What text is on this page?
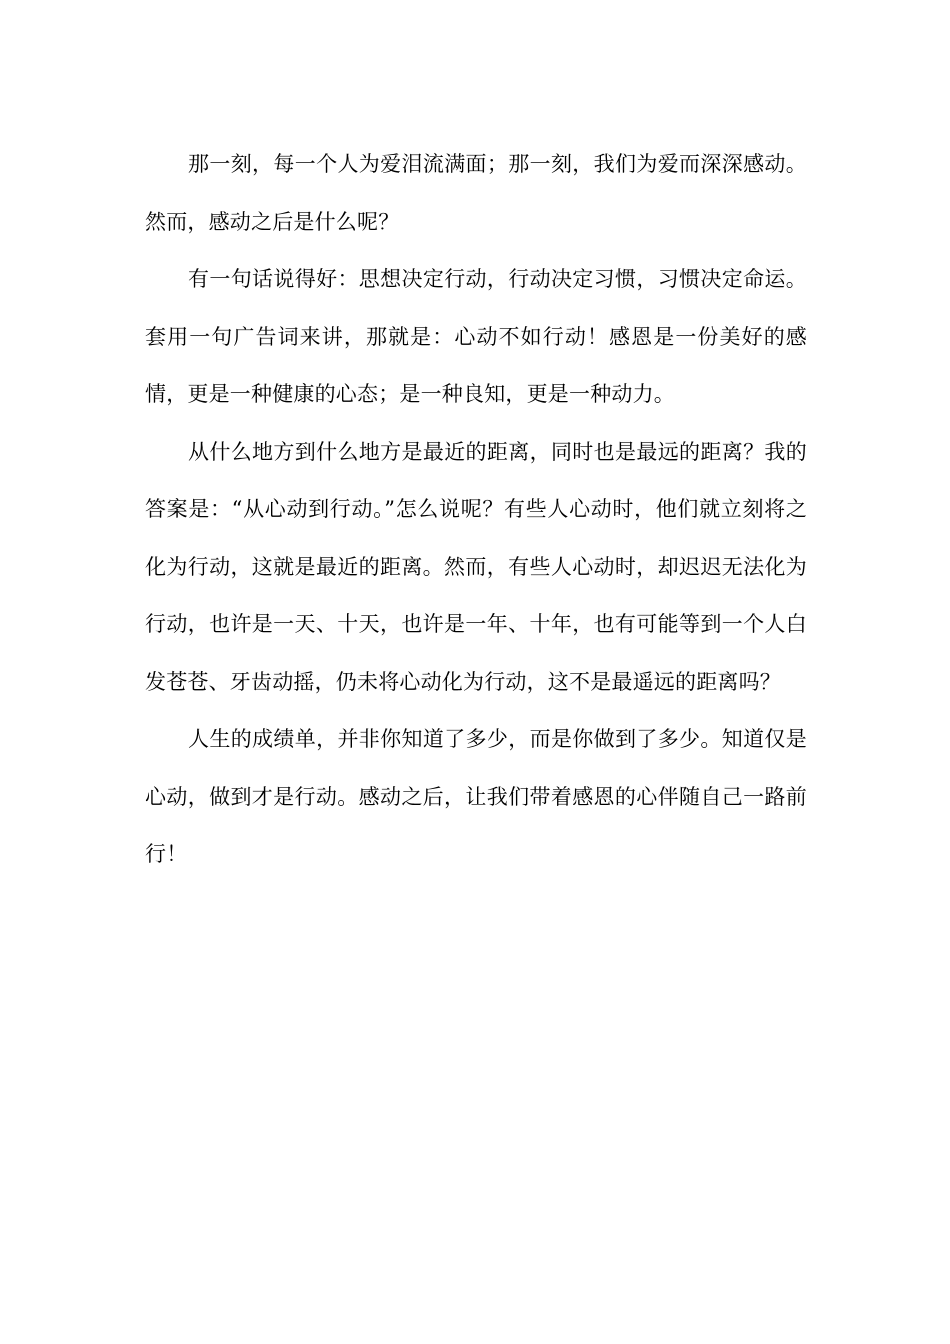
那一刻，每一个人为爱泪流满面；那一刻，我们为爱而深深感动。然而，感动之后是什么呢？

有一句话说得好：思想决定行动，行动决定习惯，习惯决定命运。套用一句广告词来讲，那就是：心动不如行动！感恩是一份美好的感情，更是一种健康的心态；是一种良知，更是一种动力。

从什么地方到什么地方是最近的距离，同时也是最远的距离？我的答案是：“从心动到行动。”怎么说呢？有些人心动时，他们就立刻将之化为行动，这就是最近的距离。然而，有些人心动时，却迟迟无法化为行动，也许是一天、十天，也许是一年、十年，也有可能等到一个人白发苍苍、牙齿动摇，仍未将心动化为行动，这不是最遥远的距离吗？

人生的成绩单，并非你知道了多少，而是你做到了多少。知道仅是心动，做到才是行动。感动之后，让我们带着感恩的心伴随自己一路前行！
